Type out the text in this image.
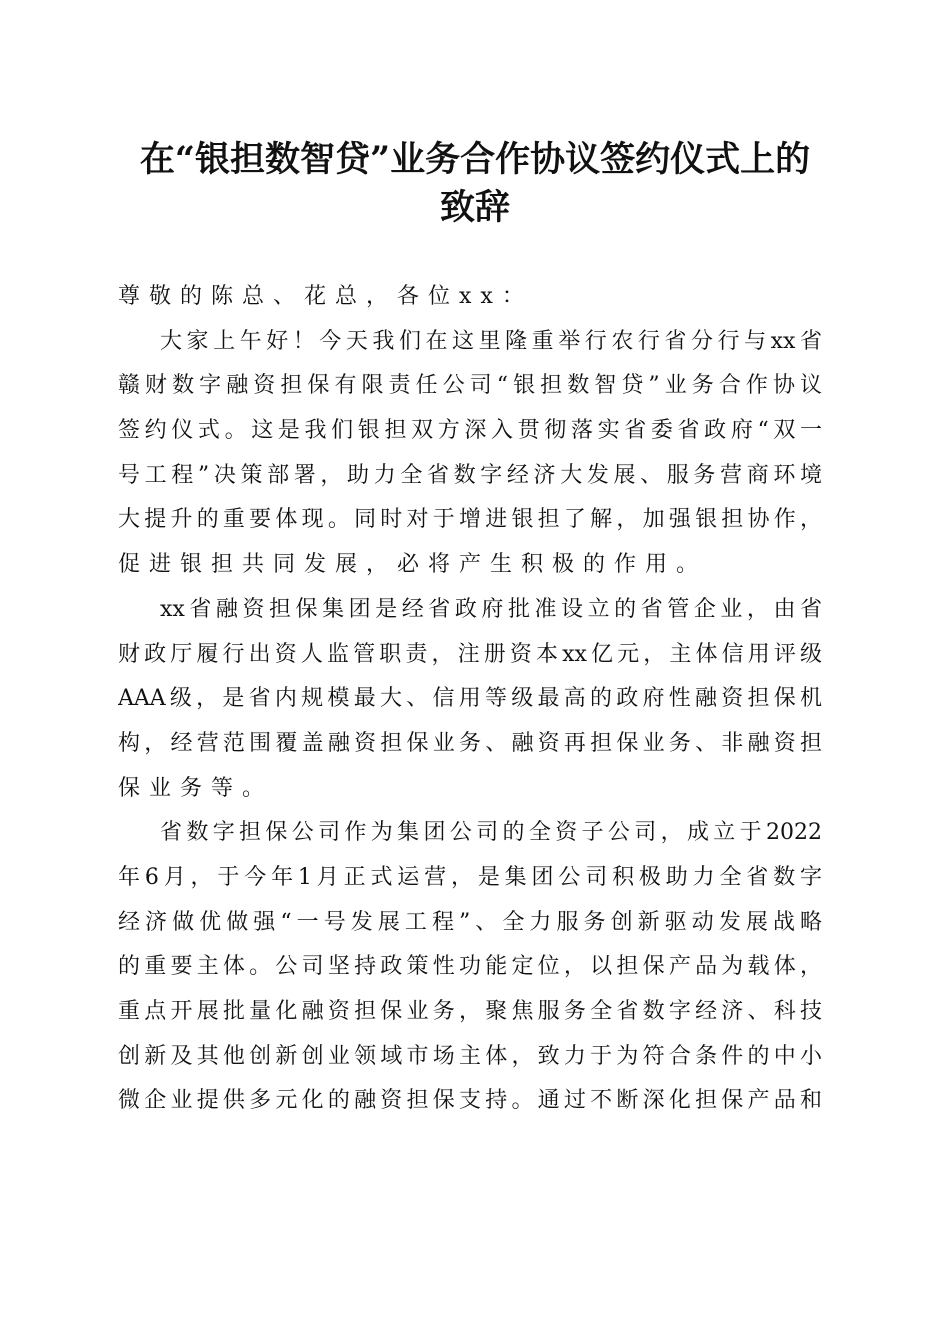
在“银担数智贷”业务合作协议签约仪式上的
致辞
尊敬的陈总、花总，各位xx：
大家上午好！今天我们在这里隆重举行农行省分行与xx省
赣财数字融资担保有限责任公司“银担数智贷”业务合作协议
签约仪式。这是我们银担双方深入贯彻落实省委省政府“双一
号工程”决策部署，助力全省数字经济大发展、服务营商环境
大提升的重要体现。同时对于增进银担了解，加强银担协作，
促进银担共同发展，必将产生积极的作用。
xx省融资担保集团是经省政府批准设立的省管企业，由省
财政厅履行出资人监管职责，注册资本xx亿元，主体信用评级
AAA级，是省内规模最大、信用等级最高的政府性融资担保机
构，经营范围覆盖融资担保业务、融资再担保业务、非融资担
保业务等。
省数字担保公司作为集团公司的全资子公司，成立于2022
年6月，于今年1月正式运营，是集团公司积极助力全省数字
经济做优做强“一号发展工程”、全力服务创新驱动发展战略
的重要主体。公司坚持政策性功能定位，以担保产品为载体，
重点开展批量化融资担保业务，聚焦服务全省数字经济、科技
创新及其他创新创业领域市场主体，致力于为符合条件的中小
微企业提供多元化的融资担保支持。通过不断深化担保产品和
